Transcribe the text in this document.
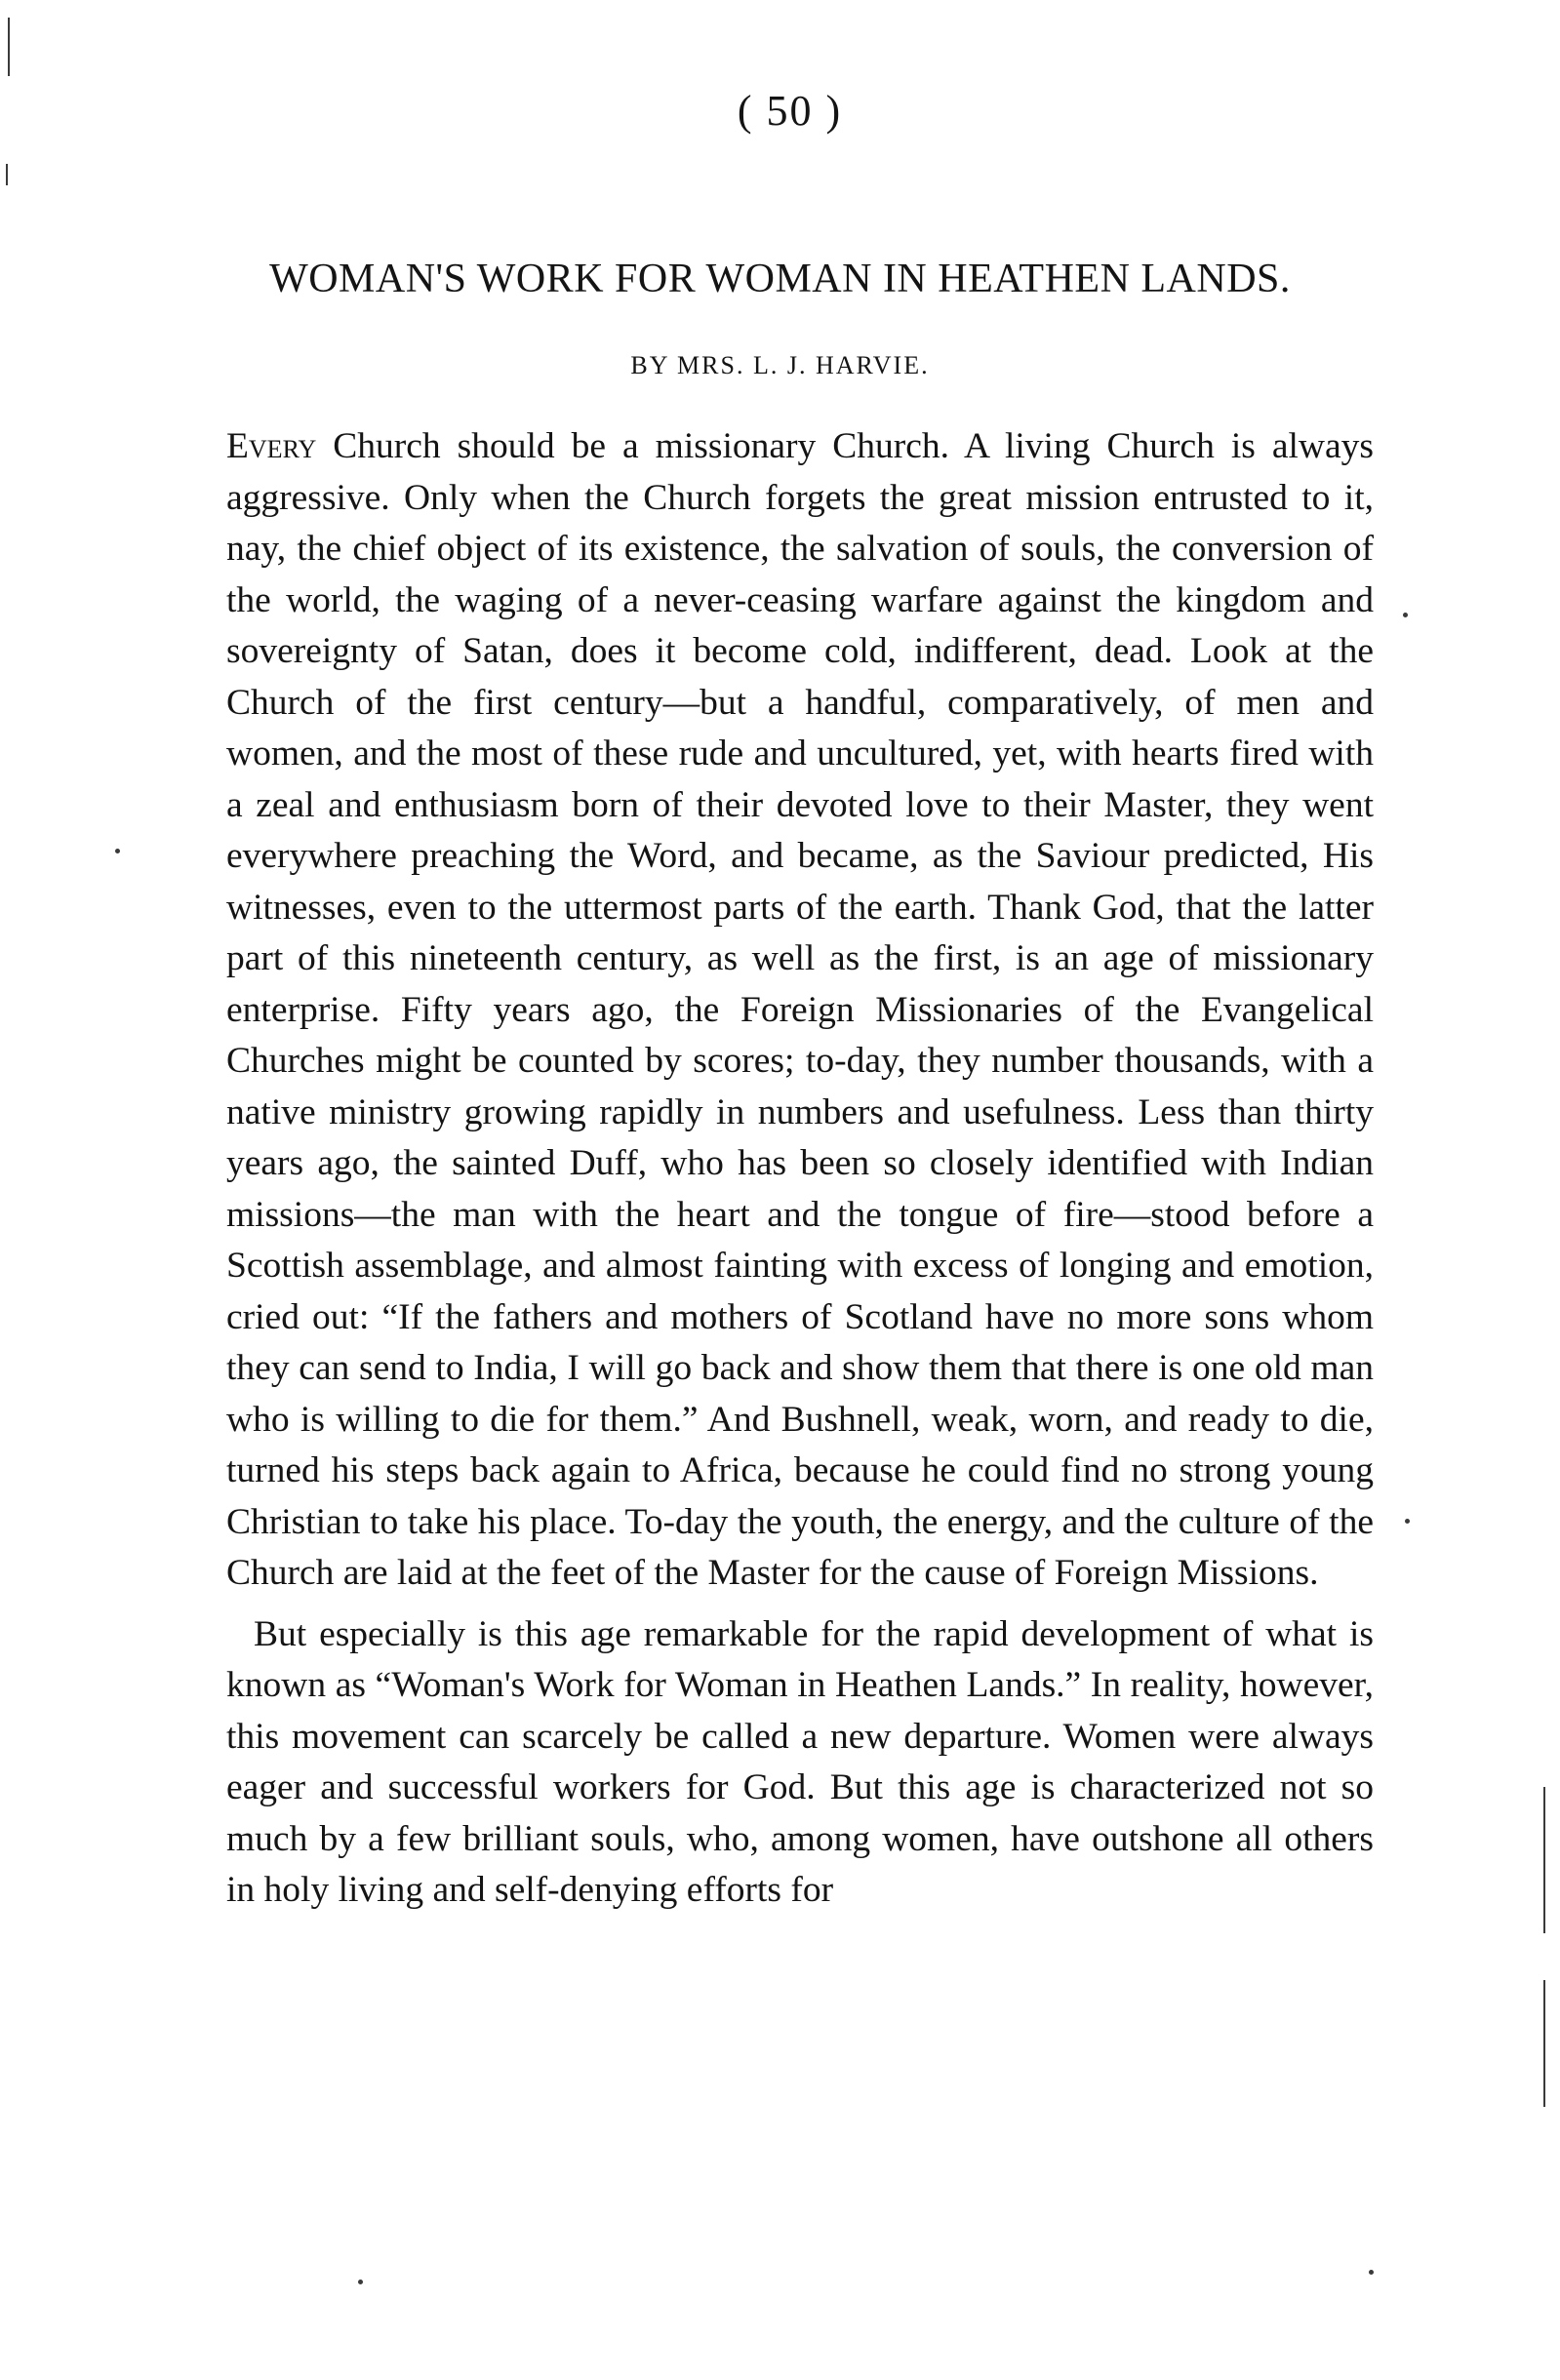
( 50 )
WOMAN'S WORK FOR WOMAN IN HEATHEN LANDS.
BY MRS. L. J. HARVIE.

Every Church should be a missionary Church. A living Church is always aggressive. Only when the Church forgets the great mission entrusted to it, nay, the chief object of its existence, the salvation of souls, the conversion of the world, the waging of a never-ceasing warfare against the kingdom and sovereignty of Satan, does it become cold, indifferent, dead. Look at the Church of the first century—but a handful, comparatively, of men and women, and the most of these rude and uncultured, yet, with hearts fired with a zeal and enthusiasm born of their devoted love to their Master, they went everywhere preaching the Word, and became, as the Saviour predicted, His witnesses, even to the uttermost parts of the earth. Thank God, that the latter part of this nineteenth century, as well as the first, is an age of missionary enterprise. Fifty years ago, the Foreign Missionaries of the Evangelical Churches might be counted by scores; to-day, they number thousands, with a native ministry growing rapidly in numbers and usefulness. Less than thirty years ago, the sainted Duff, who has been so closely identified with Indian missions—the man with the heart and the tongue of fire—stood before a Scottish assemblage, and almost fainting with excess of longing and emotion, cried out: “If the fathers and mothers of Scotland have no more sons whom they can send to India, I will go back and show them that there is one old man who is willing to die for them.” And Bushnell, weak, worn, and ready to die, turned his steps back again to Africa, because he could find no strong young Christian to take his place. To-day the youth, the energy, and the culture of the Church are laid at the feet of the Master for the cause of Foreign Missions.

But especially is this age remarkable for the rapid development of what is known as “Woman's Work for Woman in Heathen Lands.” In reality, however, this movement can scarcely be called a new departure. Women were always eager and successful workers for God. But this age is characterized not so much by a few brilliant souls, who, among women, have outshone all others in holy living and self-denying efforts for
